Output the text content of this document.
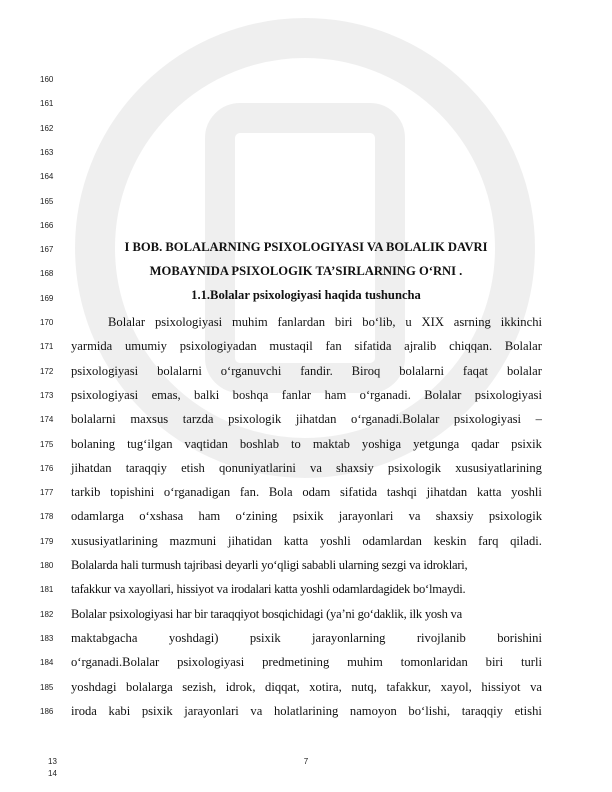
160
161
162
163
164
165
166
167
168
169
170
171
172
173
174
175
176
177
178
179
180
181
182
183
184
185
186
I BOB. BOLALARNING PSIXOLOGIYASI VA BOLALIK DAVRI
MOBAYNIDA PSIXOLOGIK TA’SIRLARNING O‘RNI .
1.1.Bolalar psixologiyasi haqida tushuncha
Bolalar psixologiyasi muhim fanlardan biri bo‘lib, u XIX asrning ikkinchi
yarmida umumiy psixologiyadan mustaqil fan sifatida ajralib chiqqan. Bolalar
psixologiyasi bolalarni o‘rganuvchi fandir. Biroq bolalarni faqat bolalar
psixologiyasi emas, balki boshqa fanlar ham o‘rganadi. Bolalar psixologiyasi
bolalarni maxsus tarzda psixologik jihatdan o‘rganadi.Bolalar psixologiyasi –
bolaning tug‘ilgan vaqtidan boshlab to maktab yoshiga yetgunga qadar psixik
jihatdan taraqqiy etish qonuniyatlarini va shaxsiy psixologik xususiyatlarining
tarkib topishini o‘rganadigan fan. Bola odam sifatida tashqi jihatdan katta yoshli
odamlarga o‘xshasa ham o‘zining psixik jarayonlari va shaxsiy psixologik
xususiyatlarining mazmuni jihatidan katta yoshli odamlardan keskin farq qiladi.
Bolalarda hali turmush tajribasi deyarli yo‘qligi sababli ularning sezgi va idroklari,
tafakkur va xayollari, hissiyot va irodalari katta yoshli odamlardagidek bo‘lmaydi.
Bolalar psixologiyasi har bir taraqqiyot bosqichidagi (ya’ni go‘daklik, ilk yosh va
maktabgacha yoshdagi) psixik jarayonlarning rivojlanib borishini
o‘rganadi.Bolalar psixologiyasi predmetining muhim tomonlaridan biri turli
yoshdagi bolalarga sezish, idrok, diqqat, xotira, nutq, tafakkur, xayol, hissiyot va
iroda kabi psixik jarayonlari va holatlarining namoyon bo‘lishi, taraqqiy etishi
13
14
7
